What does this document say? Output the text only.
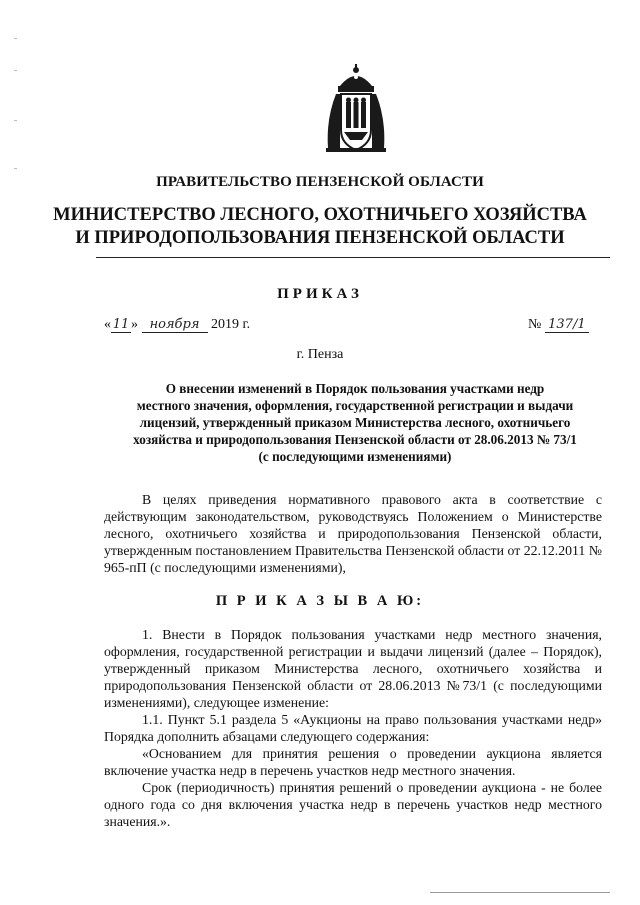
ПРАВИТЕЛЬСТВО ПЕНЗЕНСКОЙ ОБЛАСТИ
МИНИСТЕРСТВО ЛЕСНОГО, ОХОТНИЧЬЕГО ХОЗЯЙСТВА
И ПРИРОДОПОЛЬЗОВАНИЯ ПЕНЗЕНСКОЙ ОБЛАСТИ
ПРИКАЗ
« 11 » ноября 2019 г.	№ 137/1
г. Пенза
О внесении изменений в Порядок пользования участками недр
местного значения, оформления, государственной регистрации и выдачи
лицензий, утвержденный приказом Министерства лесного, охотничьего
хозяйства и природопользования Пензенской области от 28.06.2013 № 73/1
(с последующими изменениями)

В целях приведения нормативного правового акта в соответствие с действующим законодательством, руководствуясь Положением о Министерстве лесного, охотничьего хозяйства и природопользования Пензенской области, утвержденным постановлением Правительства Пензенской области от 22.12.2011 № 965-пП (с последующими изменениями),

П Р И К А З Ы В А Ю:

1. Внести в Порядок пользования участками недр местного значения, оформления, государственной регистрации и выдачи лицензий (далее – Порядок), утвержденный приказом Министерства лесного, охотничьего хозяйства и природопользования Пензенской области от 28.06.2013 №73/1 (с последующими изменениями), следующее изменение:

1.1. Пункт 5.1 раздела 5 «Аукционы на право пользования участками недр» Порядка дополнить абзацами следующего содержания:

«Основанием для принятия решения о проведении аукциона является включение участка недр в перечень участков недр местного значения.

Срок (периодичность) принятия решений о проведении аукциона - не более одного года со дня включения участка недр в перечень участков недр местного значения.».
